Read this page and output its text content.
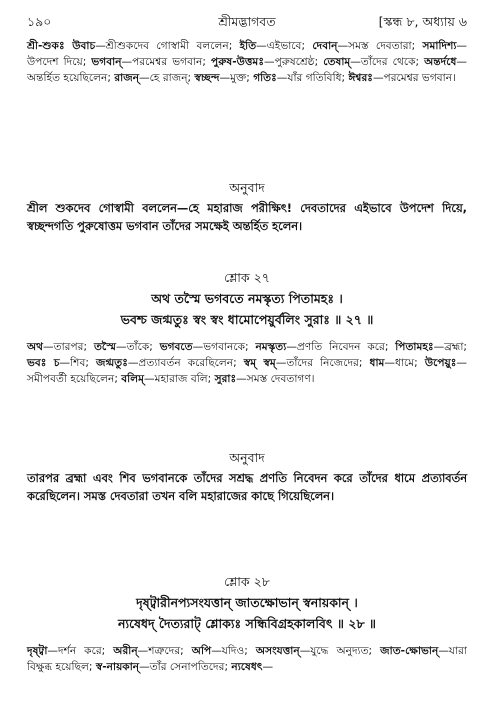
১৯০	শ্রীমদ্ভাগবত	[স্কন্ধ ৮, অধ্যায় ৬
শ্রী-শুকঃ উবাচ—শ্রীশুকদেব গোস্বামী বললেন; ইতি—এইভাবে; দেবান্—সমস্ত দেবতারা; সমাদিশ্য—উপদেশ দিয়ে; ভগবান্—পরমেশ্বর ভগবান; পুরুষ-উত্তমঃ—পুরুষশ্রেষ্ঠ; তেষাম্—তাঁদের থেকে; অন্তর্দধে—অন্তর্হিত হয়েছিলেন; রাজন্—হে রাজন্; স্বচ্ছন্দ—মুক্ত; গতিঃ—যাঁর গতিবিধি; ঈশ্বরঃ—পরমেশ্বর ভগবান।
অনুবাদ
শ্রীল শুকদেব গোস্বামী বললেন—হে মহারাজ পরীক্ষিৎ! দেবতাদের এইভাবে উপদেশ দিয়ে, স্বচ্ছন্দগতি পুরুষোত্তম ভগবান তাঁদের সমক্ষেই অন্তর্হিত হলেন।
শ্লোক ২৭
অথ তস্মৈ ভগবতে নমস্কৃত্য পিতামহঃ ।
ভবশ্চ জগ্মতুঃ স্বং স্বং ধামোপেয়ুর্বলিং সুরাঃ ॥ ২৭ ॥
অথ—তারপর; তস্মৈ—তাঁকে; ভগবতে—ভগবানকে; নমস্কৃত্য—প্রণতি নিবেদন করে; পিতামহঃ—ব্রহ্মা; ভবঃ চ—শিব; জগ্মতুঃ—প্রত্যাবর্তন করেছিলেন; স্বম্ স্বম্—তাঁদের নিজেদের; ধাম—ধামে; উপেয়ুঃ—সমীপবর্তী হয়েছিলেন; বলিম্—মহারাজ বলি; সুরাঃ—সমস্ত দেবতাগণ।
অনুবাদ
তারপর ব্রহ্মা এবং শিব ভগবানকে তাঁদের সশ্রদ্ধ প্রণতি নিবেদন করে তাঁদের ধামে প্রত্যাবর্তন করেছিলেন। সমস্ত দেবতারা তখন বলি মহারাজের কাছে গিয়েছিলেন।
শ্লোক ২৮
দৃষ্ট্বারীনপ্যসংযত্তান্ জাতক্ষোভান্ স্বনায়কান্ ।
ন্যষেধদ্ দৈত্যরাট্ শ্লোক্যঃ সন্ধিবিগ্রহকালবিৎ ॥ ২৮ ॥
দৃষ্ট্বা—দর্শন করে; অরীন্—শত্রুদের; অপি—যদিও; অসংযত্তান্—যুদ্ধে অনুদ্যত; জাত-ক্ষোভান্—যারা বিক্ষুব্ধ হয়েছিল; স্ব-নায়কান্—তাঁর সেনাপতিদের; ন্যষেধৎ—
